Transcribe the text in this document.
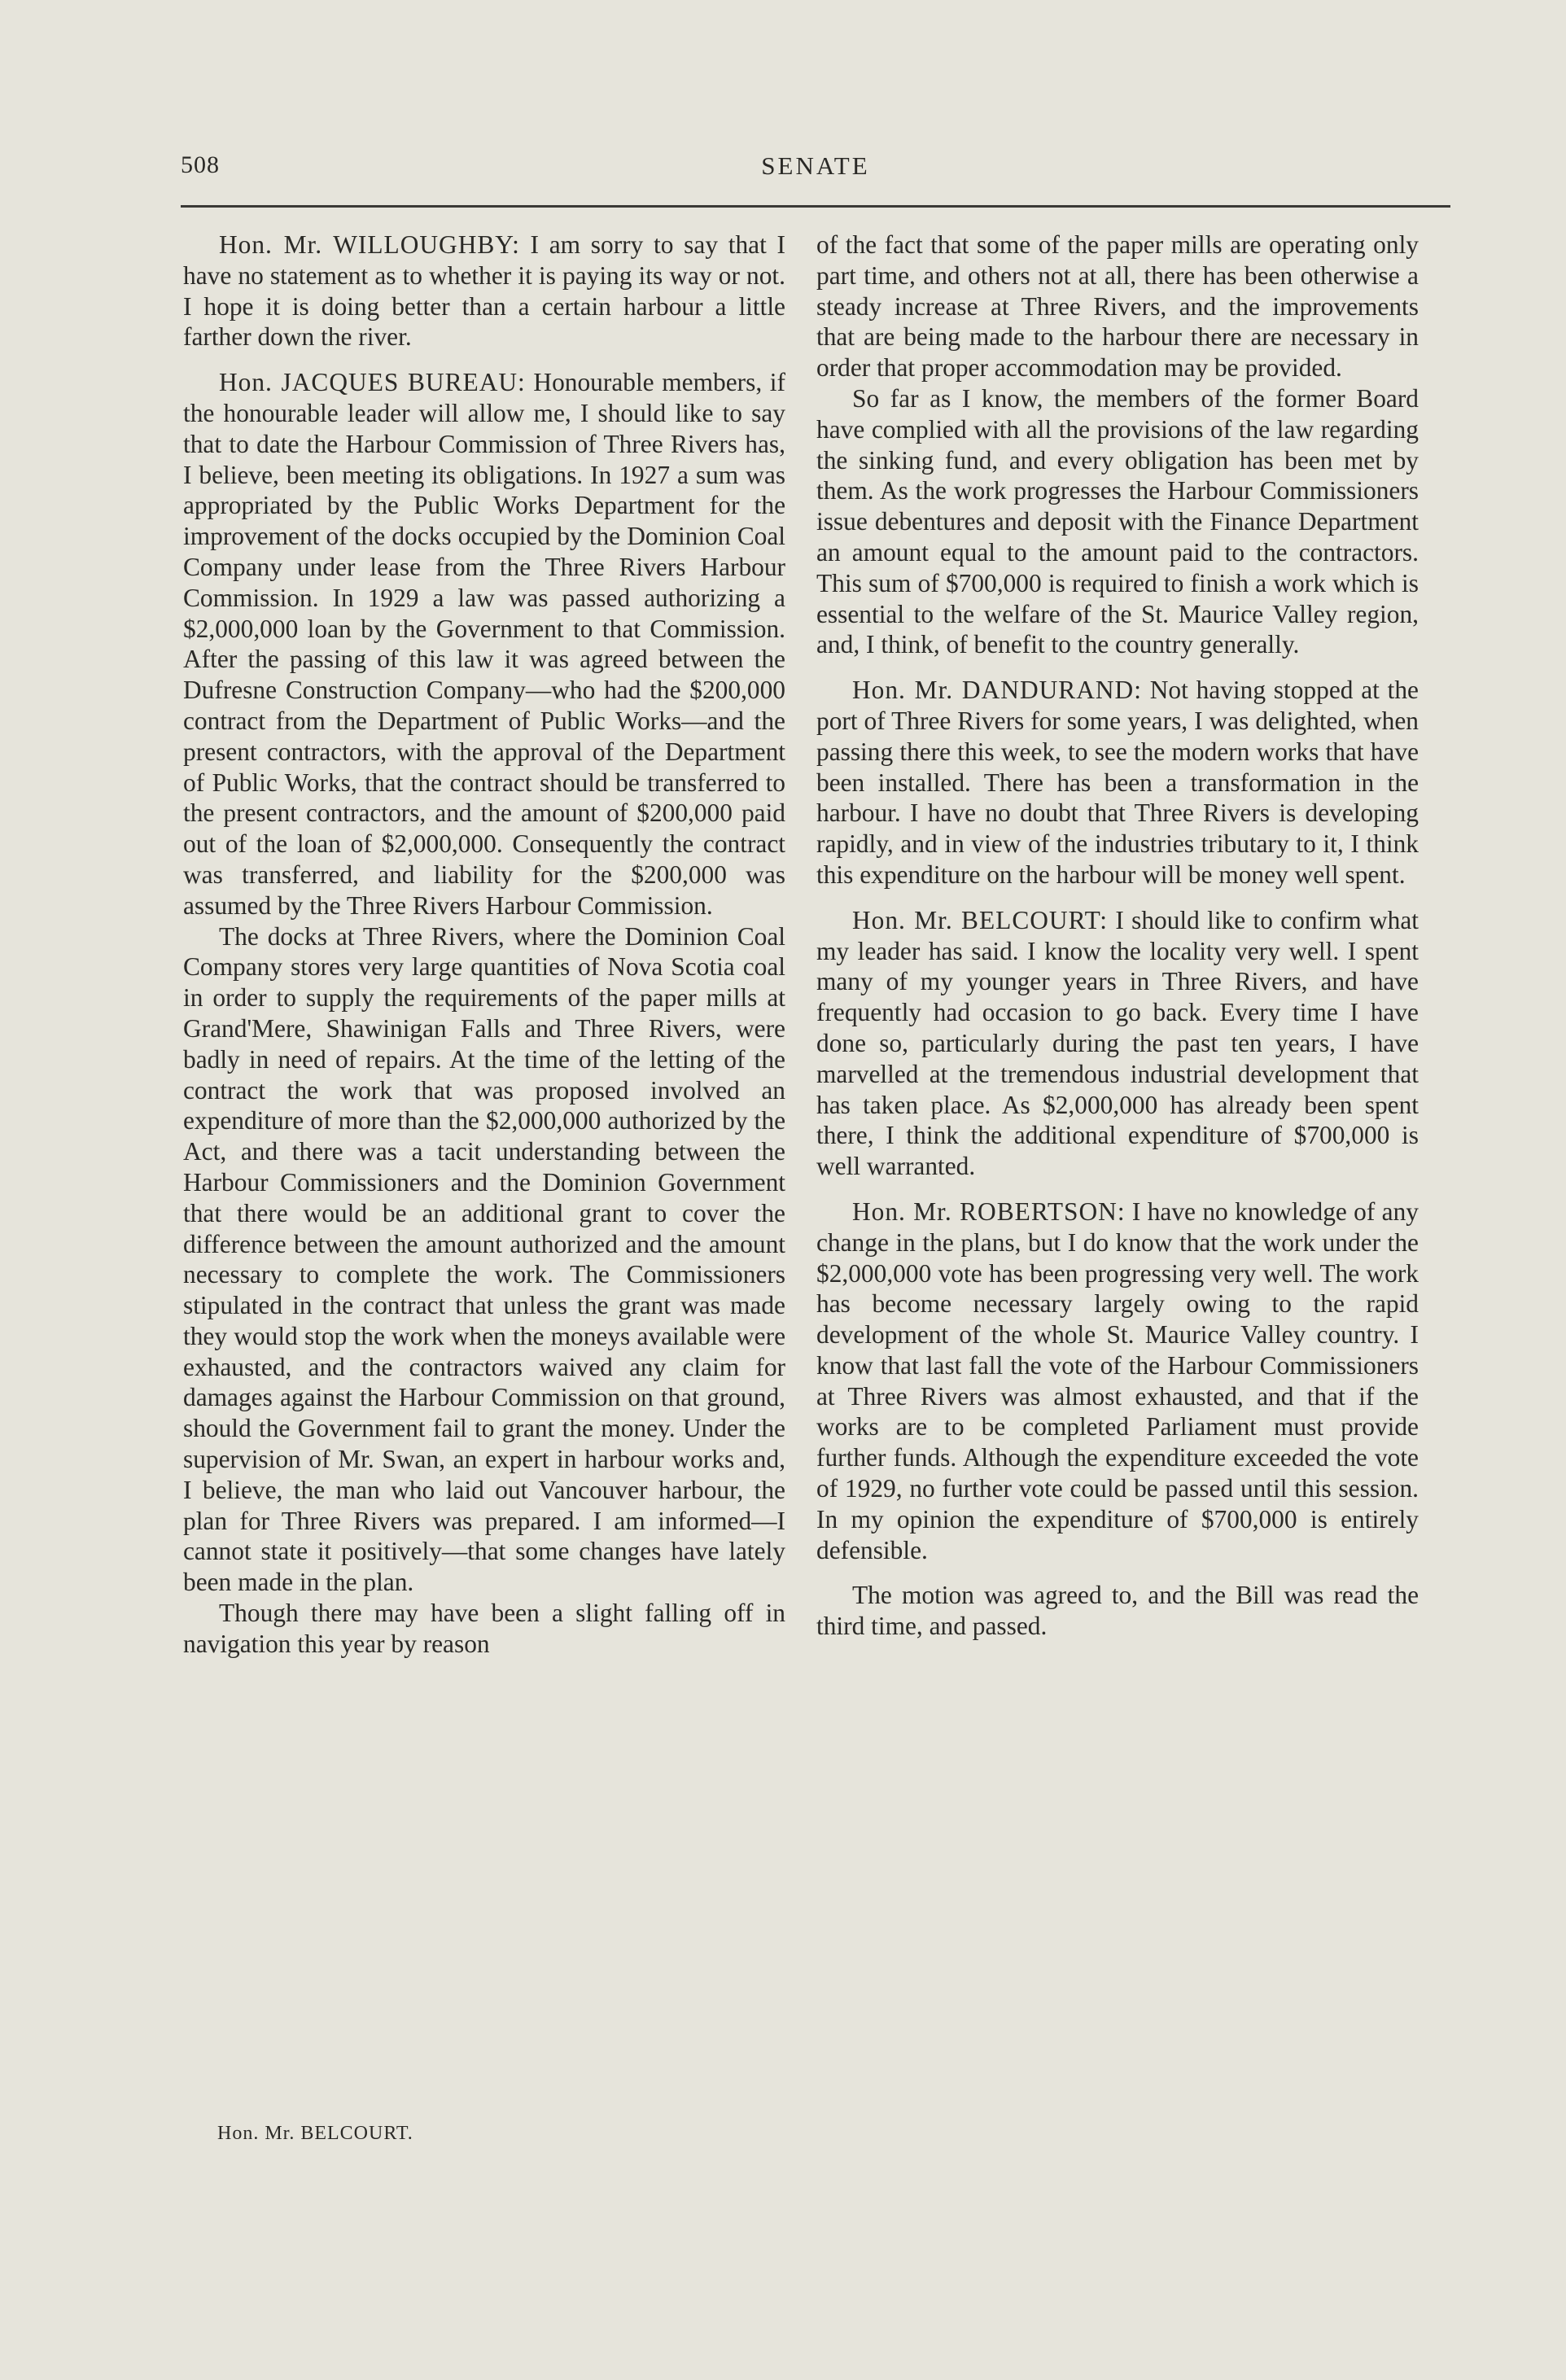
508	SENATE

Hon. Mr. WILLOUGHBY: I am sorry to say that I have no statement as to whether it is paying its way or not. I hope it is doing better than a certain harbour a little farther down the river.

Hon. JACQUES BUREAU: Honourable members, if the honourable leader will allow me, I should like to say that to date the Harbour Commission of Three Rivers has, I believe, been meeting its obligations. In 1927 a sum was appropriated by the Public Works Department for the improvement of the docks occupied by the Dominion Coal Company under lease from the Three Rivers Harbour Commission. In 1929 a law was passed authorizing a $2,000,000 loan by the Government to that Commission. After the passing of this law it was agreed between the Dufresne Construction Company—who had the $200,000 contract from the Department of Public Works—and the present contractors, with the approval of the Department of Public Works, that the contract should be transferred to the present contractors, and the amount of $200,000 paid out of the loan of $2,000,000. Consequently the contract was transferred, and liability for the $200,000 was assumed by the Three Rivers Harbour Commission.

The docks at Three Rivers, where the Dominion Coal Company stores very large quantities of Nova Scotia coal in order to supply the requirements of the paper mills at Grand'Mere, Shawinigan Falls and Three Rivers, were badly in need of repairs. At the time of the letting of the contract the work that was proposed involved an expenditure of more than the $2,000,000 authorized by the Act, and there was a tacit understanding between the Harbour Commissioners and the Dominion Government that there would be an additional grant to cover the difference between the amount authorized and the amount necessary to complete the work. The Commissioners stipulated in the contract that unless the grant was made they would stop the work when the moneys available were exhausted, and the contractors waived any claim for damages against the Harbour Commission on that ground, should the Government fail to grant the money. Under the supervision of Mr. Swan, an expert in harbour works and, I believe, the man who laid out Vancouver harbour, the plan for Three Rivers was prepared. I am informed—I cannot state it positively—that some changes have lately been made in the plan.

Though there may have been a slight falling off in navigation this year by reason

of the fact that some of the paper mills are operating only part time, and others not at all, there has been otherwise a steady increase at Three Rivers, and the improvements that are being made to the harbour there are necessary in order that proper accommodation may be provided.

So far as I know, the members of the former Board have complied with all the provisions of the law regarding the sinking fund, and every obligation has been met by them. As the work progresses the Harbour Commissioners issue debentures and deposit with the Finance Department an amount equal to the amount paid to the contractors. This sum of $700,000 is required to finish a work which is essential to the welfare of the St. Maurice Valley region, and, I think, of benefit to the country generally.

Hon. Mr. DANDURAND: Not having stopped at the port of Three Rivers for some years, I was delighted, when passing there this week, to see the modern works that have been installed. There has been a transformation in the harbour. I have no doubt that Three Rivers is developing rapidly, and in view of the industries tributary to it, I think this expenditure on the harbour will be money well spent.

Hon. Mr. BELCOURT: I should like to confirm what my leader has said. I know the locality very well. I spent many of my younger years in Three Rivers, and have frequently had occasion to go back. Every time I have done so, particularly during the past ten years, I have marvelled at the tremendous industrial development that has taken place. As $2,000,000 has already been spent there, I think the additional expenditure of $700,000 is well warranted.

Hon. Mr. ROBERTSON: I have no knowledge of any change in the plans, but I do know that the work under the $2,000,000 vote has been progressing very well. The work has become necessary largely owing to the rapid development of the whole St. Maurice Valley country. I know that last fall the vote of the Harbour Commissioners at Three Rivers was almost exhausted, and that if the works are to be completed Parliament must provide further funds. Although the expenditure exceeded the vote of 1929, no further vote could be passed until this session. In my opinion the expenditure of $700,000 is entirely defensible.

The motion was agreed to, and the Bill was read the third time, and passed.

Hon. Mr. BELCOURT.
